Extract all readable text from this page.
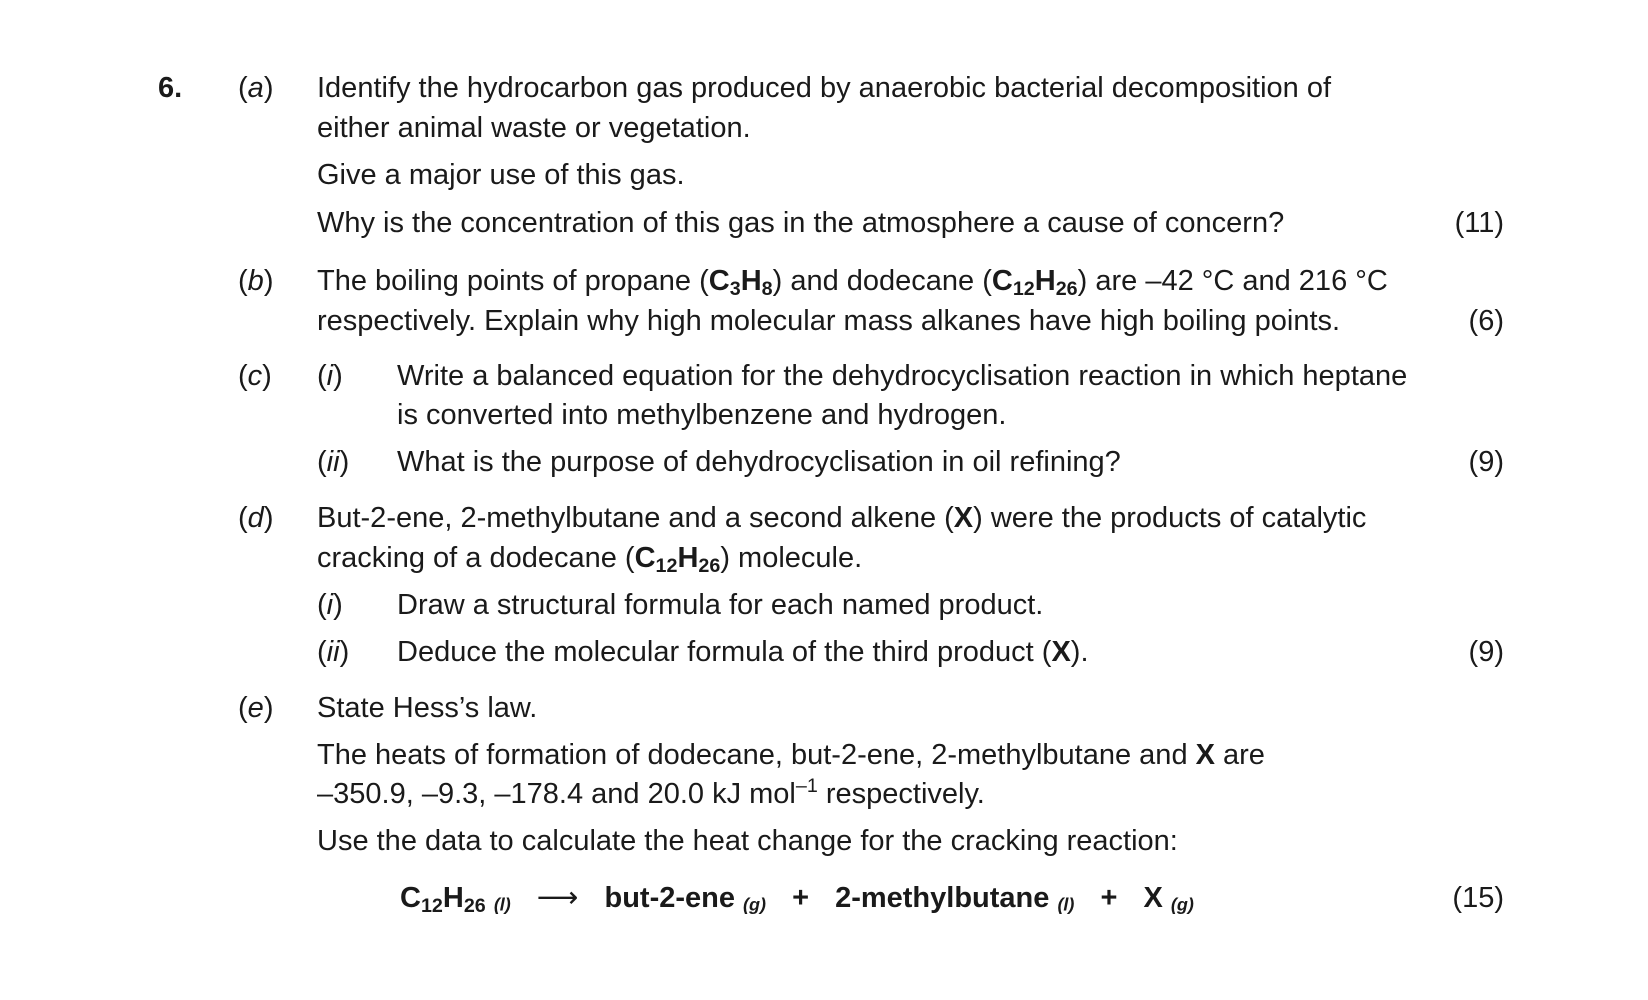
6. (a) Identify the hydrocarbon gas produced by anaerobic bacterial decomposition of
either animal waste or vegetation.
Give a major use of this gas.
Why is the concentration of this gas in the atmosphere a cause of concern?	(11)
(b) The boiling points of propane $(C_3H_8)$ and dodecane $(C_{12}H_{26})$ are –42 °C and 216 °C
respectively. Explain why high molecular mass alkanes have high boiling points.	(6)
(c) (i) Write a balanced equation for the dehydrocyclisation reaction in which heptane
is converted into methylbenzene and hydrogen.
(ii) What is the purpose of dehydrocyclisation in oil refining?	(9)
(d) But-2-ene, 2-methylbutane and a second alkene (X) were the products of catalytic
cracking of a dodecane $(C_{12}H_{26})$ molecule.
(i) Draw a structural formula for each named product.
(ii) Deduce the molecular formula of the third product (X).	(9)
(e) State Hess’s law.
The heats of formation of dodecane, but-2-ene, 2-methylbutane and X are
–350.9, –9.3, –178.4 and 20.0 kJ mol$^{-1}$ respectively.
Use the data to calculate the heat change for the cracking reaction:
$C_{12}H_{26}$ (l) ⟶ but-2-ene (g) + 2-methylbutane (l) + X (g)	(15)
